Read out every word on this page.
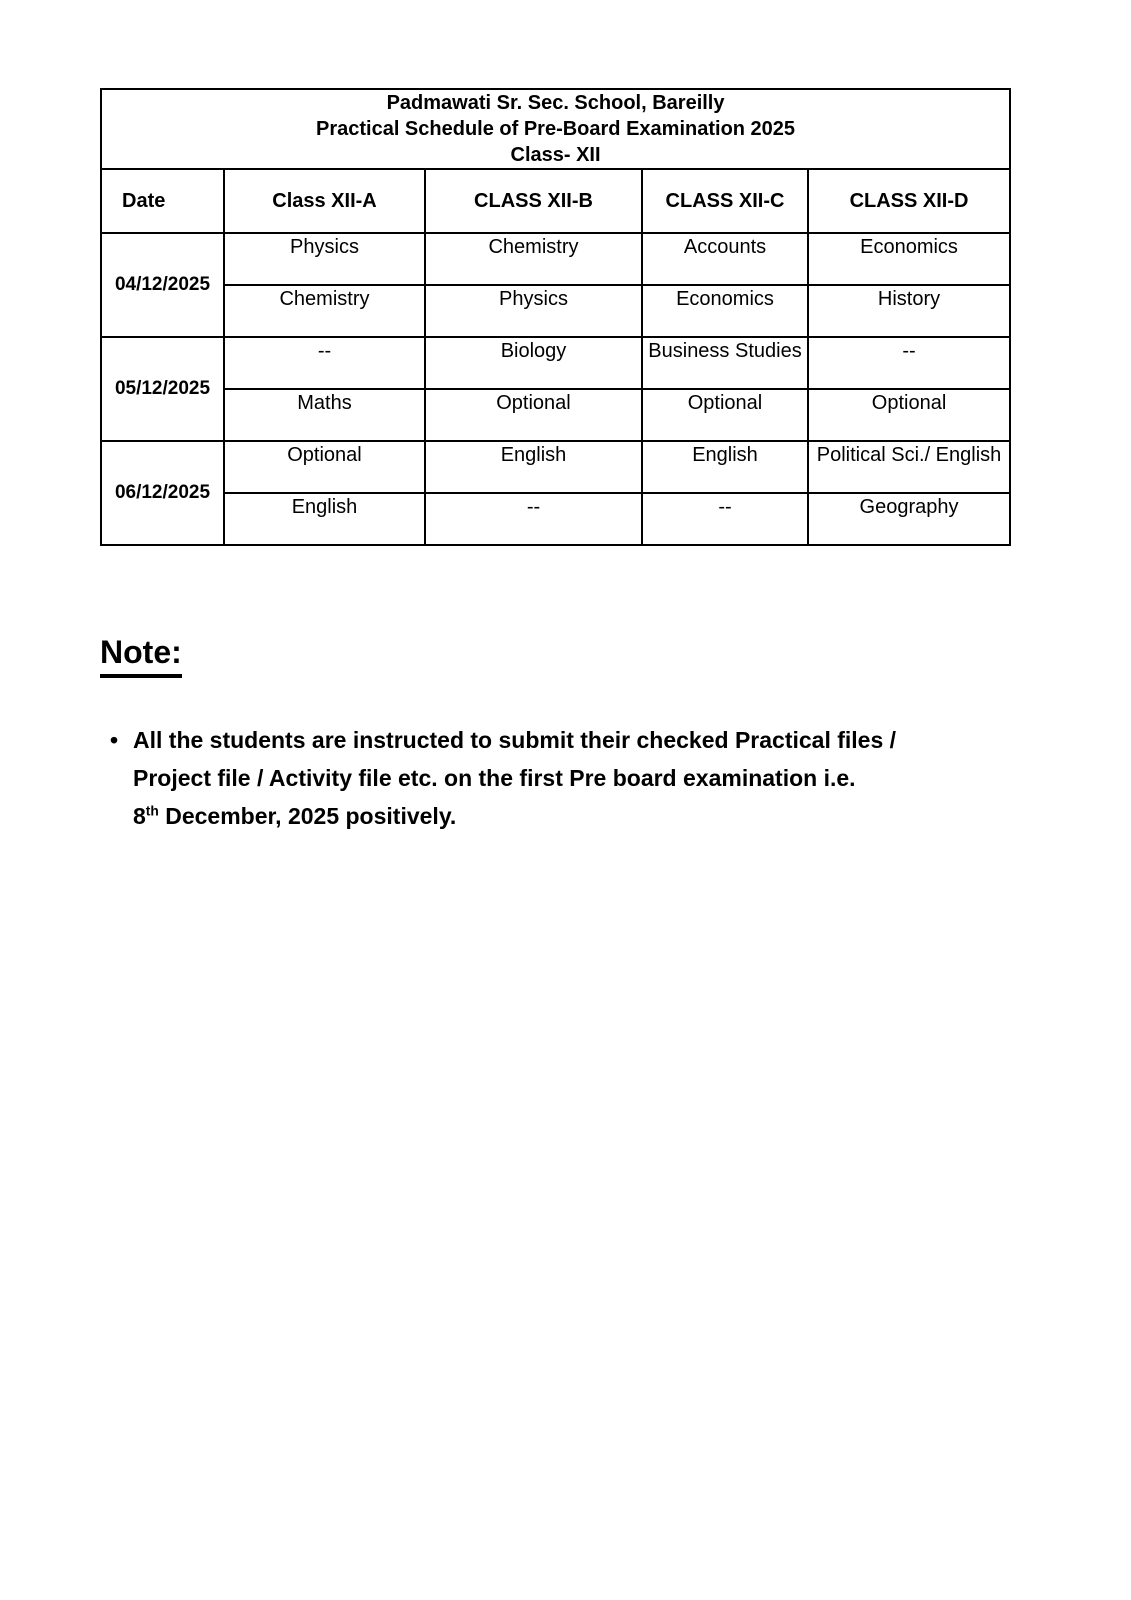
Padmawati Sr. Sec. School, Bareilly
Practical Schedule of Pre-Board Examination 2025
Class- XII				

Date	Class XII-A	CLASS XII-B	CLASS XII-C	CLASS XII-D
04/12/2025	Physics	Chemistry	Accounts	Economics
	Chemistry	Physics	Economics	History
05/12/2025	--	Biology	Business Studies	--
	Maths	Optional	Optional	Optional
06/12/2025	Optional	English	English	Political Sci./ English
	English	--	--	Geography
Note:
• All the students are instructed to submit their checked Practical files /
Project file / Activity file etc. on the first Pre board examination i.e.
8th December, 2025 positively.
